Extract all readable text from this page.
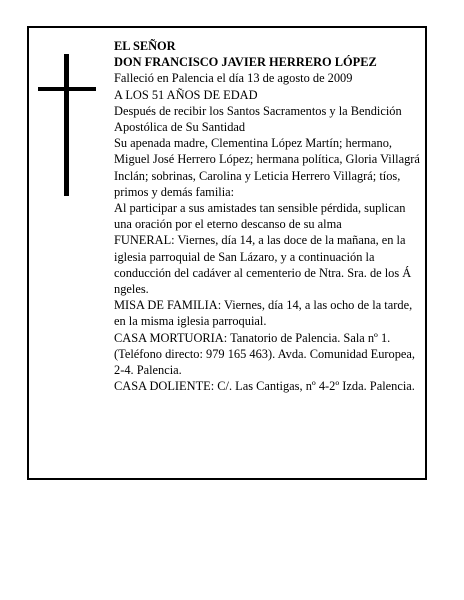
EL SEÑOR

DON FRANCISCO JAVIER HERRERO LÓPEZ

Falleció en Palencia el día 13 de agosto de 2009

A LOS 51 AÑOS DE EDAD

Después de recibir los Santos Sacramentos y la Bendición Apostólica de Su Santidad

Su apenada madre, Clementina López Martín; hermano, Miguel José Herrero López; hermana política, Gloria Villagrá Inclán; sobrinas, Carolina y Leticia Herrero Villagrá; tíos, primos y demás familia:

Al participar a sus amistades tan sensible pérdida, suplican una oración por el eterno descanso de su alma

FUNERAL: Viernes, día 14, a las doce de la mañana, en la iglesia parroquial de San Lázaro, y a continuación la conducción del cadáver al cementerio de Ntra. Sra. de los Á ngeles.

MISA DE FAMILIA: Viernes, día 14, a las ocho de la tarde, en la misma iglesia parroquial.

CASA MORTUORIA: Tanatorio de Palencia. Sala nº 1. (Teléfono directo: 979 165 463). Avda. Comunidad Europea, 2-4. Palencia.

CASA DOLIENTE: C/. Las Cantigas, nº 4-2º Izda. Palencia.
